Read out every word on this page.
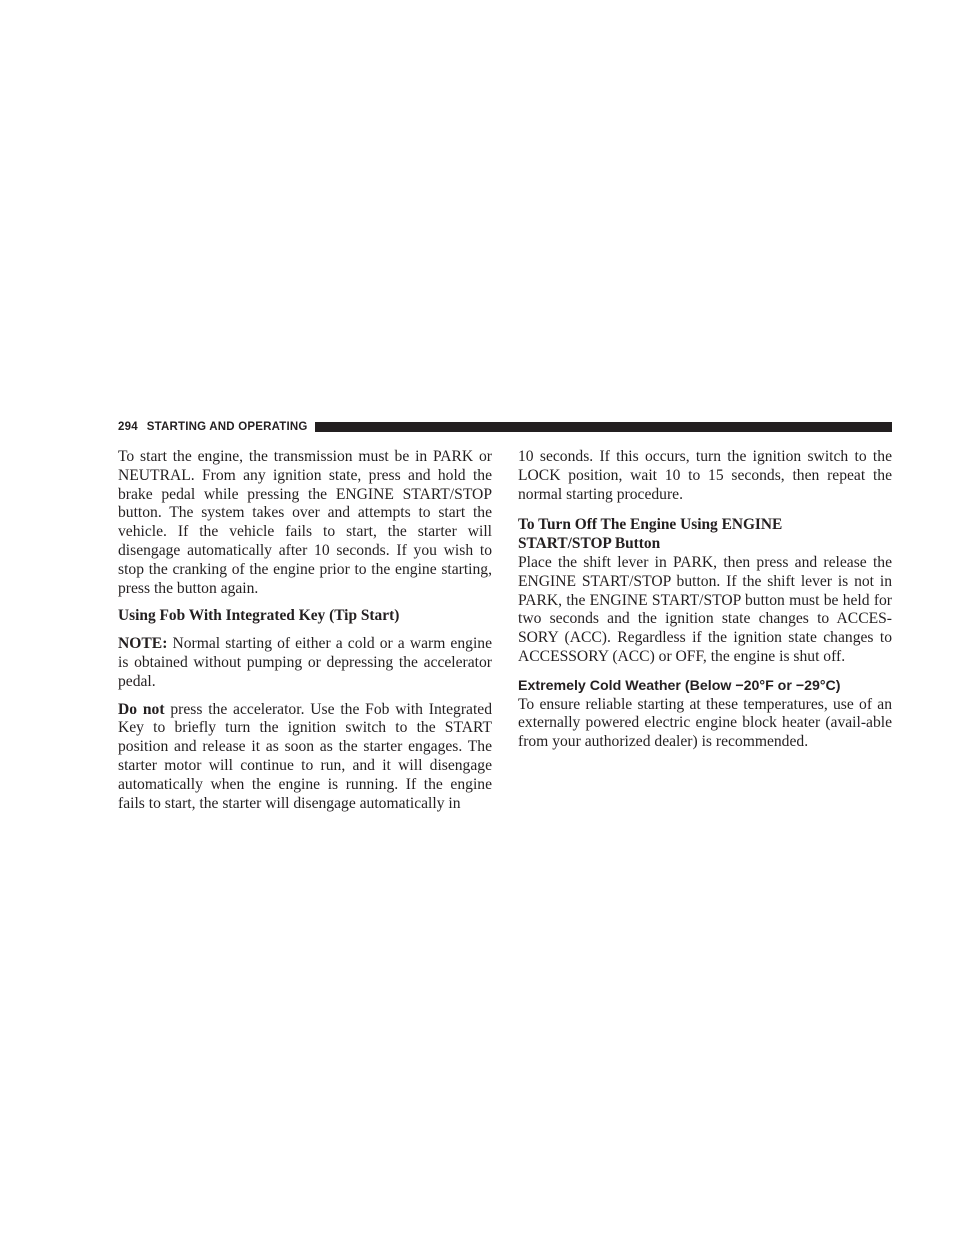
294 STARTING AND OPERATING

To start the engine, the transmission must be in PARK or NEUTRAL. From any ignition state, press and hold the brake pedal while pressing the ENGINE START/STOP button. The system takes over and attempts to start the vehicle. If the vehicle fails to start, the starter will disengage automatically after 10 seconds. If you wish to stop the cranking of the engine prior to the engine starting, press the button again.

Using Fob With Integrated Key (Tip Start)

NOTE: Normal starting of either a cold or a warm engine is obtained without pumping or depressing the accelerator pedal.

Do not press the accelerator. Use the Fob with Integrated Key to briefly turn the ignition switch to the START position and release it as soon as the starter engages. The starter motor will continue to run, and it will disengage automatically when the engine is running. If the engine fails to start, the starter will disengage automatically in

10 seconds. If this occurs, turn the ignition switch to the LOCK position, wait 10 to 15 seconds, then repeat the normal starting procedure.

To Turn Off The Engine Using ENGINE
START/STOP Button

Place the shift lever in PARK, then press and release the ENGINE START/STOP button. If the shift lever is not in PARK, the ENGINE START/STOP button must be held for two seconds and the ignition state changes to ACCES-SORY (ACC). Regardless if the ignition state changes to ACCESSORY (ACC) or OFF, the engine is shut off.

Extremely Cold Weather (Below −20°F or −29°C)

To ensure reliable starting at these temperatures, use of an externally powered electric engine block heater (avail-able from your authorized dealer) is recommended.
